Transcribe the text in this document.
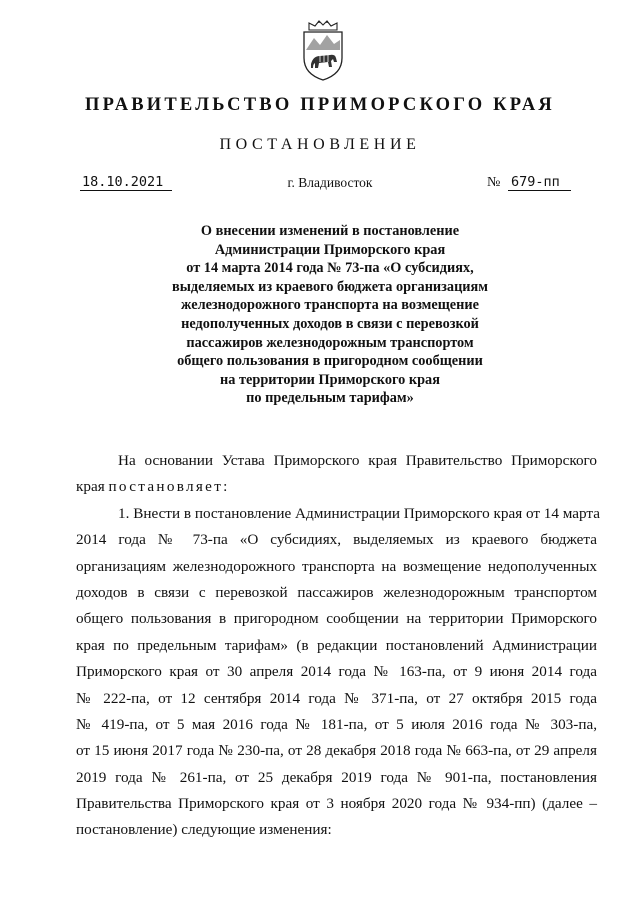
ПРАВИТЕЛЬСТВО ПРИМОРСКОГО КРАЯ
ПОСТАНОВЛЕНИЕ
18.10.2021	г. Владивосток	№ 679-пп
О внесении изменений в постановление
Администрации Приморского края
от 14 марта 2014 года № 73-па «О субсидиях,
выделяемых из краевого бюджета организациям
железнодорожного транспорта на возмещение
недополученных доходов в связи с перевозкой
пассажиров железнодорожным транспортом
общего пользования в пригородном сообщении
на территории Приморского края
по предельным тарифам»
На основании Устава Приморского края Правительство Приморского
края постановляет:
1. Внести в постановление Администрации Приморского края от 14 марта
2014 года № 73-па «О субсидиях, выделяемых из краевого бюджета
организациям железнодорожного транспорта на возмещение недополученных
доходов в связи с перевозкой пассажиров железнодорожным транспортом
общего пользования в пригородном сообщении на территории Приморского
края по предельным тарифам» (в редакции постановлений Администрации
Приморского края от 30 апреля 2014 года № 163-па, от 9 июня 2014 года
№ 222-па, от 12 сентября 2014 года № 371-па, от 27 октября 2015 года
№ 419-па, от 5 мая 2016 года № 181-па, от 5 июля 2016 года № 303-па,
от 15 июня 2017 года № 230-па, от 28 декабря 2018 года № 663-па, от 29 апреля
2019 года № 261-па, от 25 декабря 2019 года № 901-па, постановления
Правительства Приморского края от 3 ноября 2020 года № 934-пп) (далее –
постановление) следующие изменения:
